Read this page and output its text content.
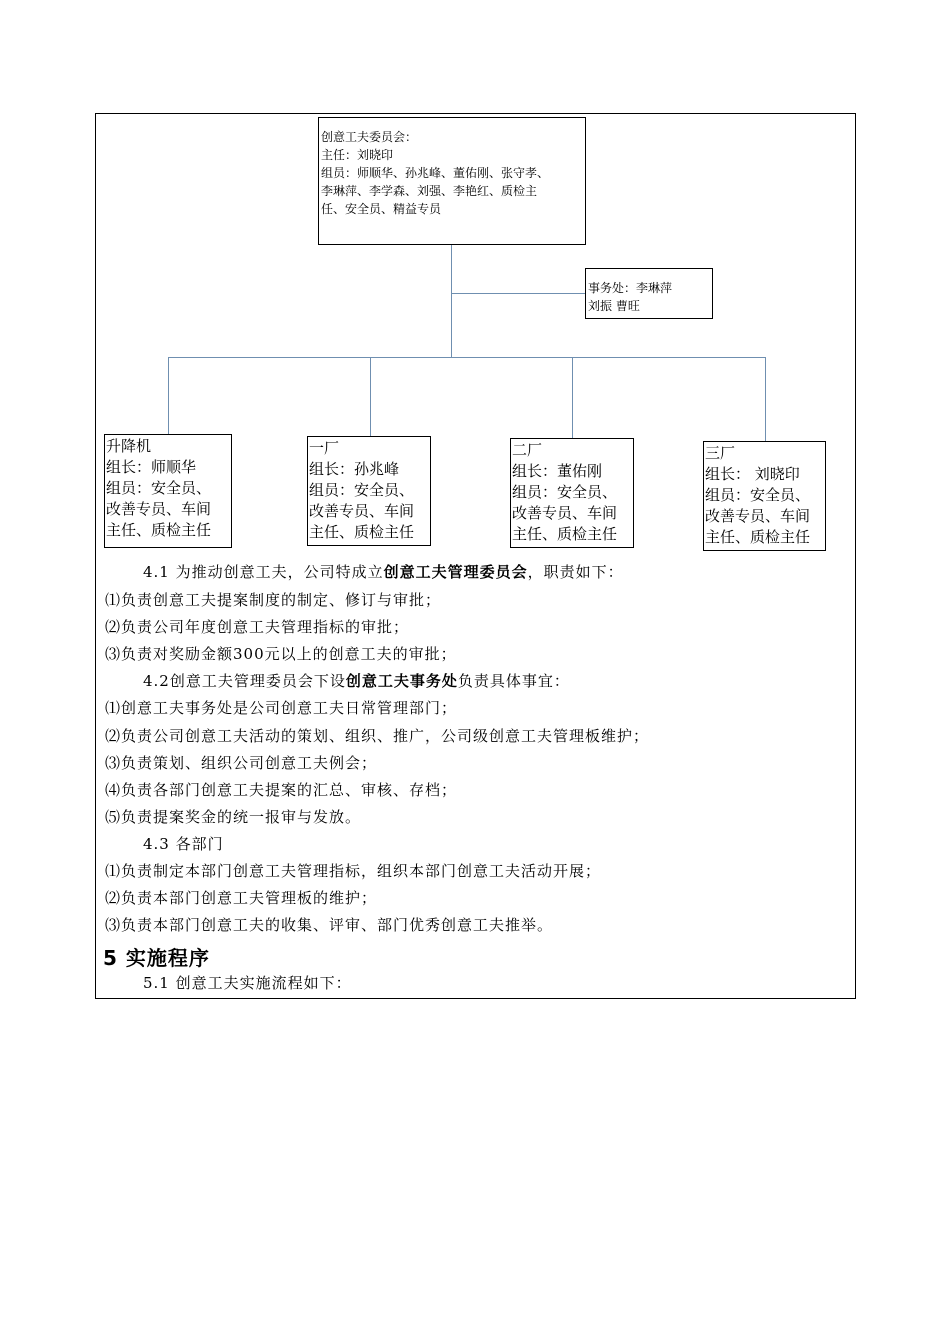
创意工夫委员会：
主任：刘晓印
组员：师顺华、孙兆峰、董佑刚、张守孝、
李琳萍、李学森、刘强、李艳红、质检主
任、安全员、精益专员
事务处：李琳萍
刘振 曹旺
升降机
组长：师顺华
组员：安全员、
改善专员、车间
主任、质检主任
一厂
组长：孙兆峰
组员：安全员、
改善专员、车间
主任、质检主任
二厂
组长：董佑刚
组员：安全员、
改善专员、车间
主任、质检主任
三厂
组长： 刘晓印
组员：安全员、
改善专员、车间
主任、质检主任
4.1 为推动创意工夫，公司特成立创意工夫管理委员会，职责如下：
⑴负责创意工夫提案制度的制定、修订与审批；
⑵负责公司年度创意工夫管理指标的审批；
⑶负责对奖励金额300元以上的创意工夫的审批；
4.2创意工夫管理委员会下设创意工夫事务处负责具体事宜：
⑴创意工夫事务处是公司创意工夫日常管理部门；
⑵负责公司创意工夫活动的策划、组织、推广，公司级创意工夫管理板维护；
⑶负责策划、组织公司创意工夫例会；
⑷负责各部门创意工夫提案的汇总、审核、存档；
⑸负责提案奖金的统一报审与发放。
4.3 各部门
⑴负责制定本部门创意工夫管理指标，组织本部门创意工夫活动开展；
⑵负责本部门创意工夫管理板的维护；
⑶负责本部门创意工夫的收集、评审、部门优秀创意工夫推举。
5 实施程序
5.1 创意工夫实施流程如下：
